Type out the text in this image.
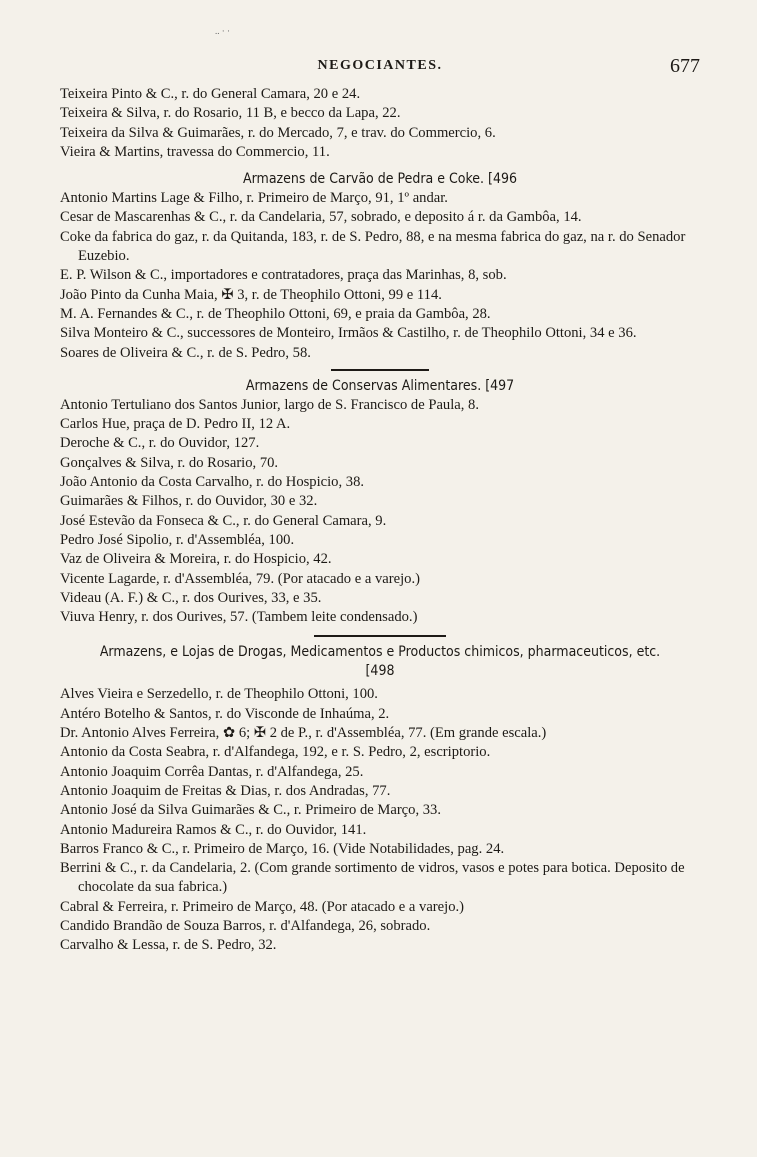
.. · ·
NEGOCIANTES.	677

Teixeira Pinto & C., r. do General Camara, 20 e 24.

Teixeira & Silva, r. do Rosario, 11 B, e becco da Lapa, 22.

Teixeira da Silva & Guimarães, r. do Mercado, 7, e trav. do Commercio, 6.

Vieira & Martins, travessa do Commercio, 11.

Armazens de Carvão de Pedra e Coke. [496

Antonio Martins Lage & Filho, r. Primeiro de Março, 91, 1º andar.

Cesar de Mascarenhas & C., r. da Candelaria, 57, sobrado, e deposito á r. da Gambôa, 14.

Coke da fabrica do gaz, r. da Quitanda, 183, r. de S. Pedro, 88, e na mesma fabrica do gaz, na r. do Senador Euzebio.

E. P. Wilson & C., importadores e contratadores, praça das Marinhas, 8, sob.

João Pinto da Cunha Maia, ✠ 3, r. de Theophilo Ottoni, 99 e 114.

M. A. Fernandes & C., r. de Theophilo Ottoni, 69, e praia da Gambôa, 28.

Silva Monteiro & C., successores de Monteiro, Irmãos & Castilho, r. de Theophilo Ottoni, 34 e 36.

Soares de Oliveira & C., r. de S. Pedro, 58.

Armazens de Conservas Alimentares. [497

Antonio Tertuliano dos Santos Junior, largo de S. Francisco de Paula, 8.

Carlos Hue, praça de D. Pedro II, 12 A.

Deroche & C., r. do Ouvidor, 127.

Gonçalves & Silva, r. do Rosario, 70.

João Antonio da Costa Carvalho, r. do Hospicio, 38.

Guimarães & Filhos, r. do Ouvidor, 30 e 32.

José Estevão da Fonseca & C., r. do General Camara, 9.

Pedro José Sipolio, r. d'Assembléa, 100.

Vaz de Oliveira & Moreira, r. do Hospicio, 42.

Vicente Lagarde, r. d'Assembléa, 79. (Por atacado e a varejo.)

Videau (A. F.) & C., r. dos Ourives, 33, e 35.

Viuva Henry, r. dos Ourives, 57. (Tambem leite condensado.)

Armazens, e Lojas de Drogas, Medicamentos e Productos chimicos, pharmaceuticos, etc. [498

Alves Vieira e Serzedello, r. de Theophilo Ottoni, 100.

Antéro Botelho & Santos, r. do Visconde de Inhaúma, 2.

Dr. Antonio Alves Ferreira, ✿ 6; ✠ 2 de P., r. d'Assembléa, 77. (Em grande escala.)

Antonio da Costa Seabra, r. d'Alfandega, 192, e r. S. Pedro, 2, escriptorio.

Antonio Joaquim Corrêa Dantas, r. d'Alfandega, 25.

Antonio Joaquim de Freitas & Dias, r. dos Andradas, 77.

Antonio José da Silva Guimarães & C., r. Primeiro de Março, 33.

Antonio Madureira Ramos & C., r. do Ouvidor, 141.

Barros Franco & C., r. Primeiro de Março, 16. (Vide Notabilidades, pag. 24.

Berrini & C., r. da Candelaria, 2. (Com grande sortimento de vidros, vasos e potes para botica. Deposito de chocolate da sua fabrica.)

Cabral & Ferreira, r. Primeiro de Março, 48. (Por atacado e a varejo.)

Candido Brandão de Souza Barros, r. d'Alfandega, 26, sobrado.

Carvalho & Lessa, r. de S. Pedro, 32.
